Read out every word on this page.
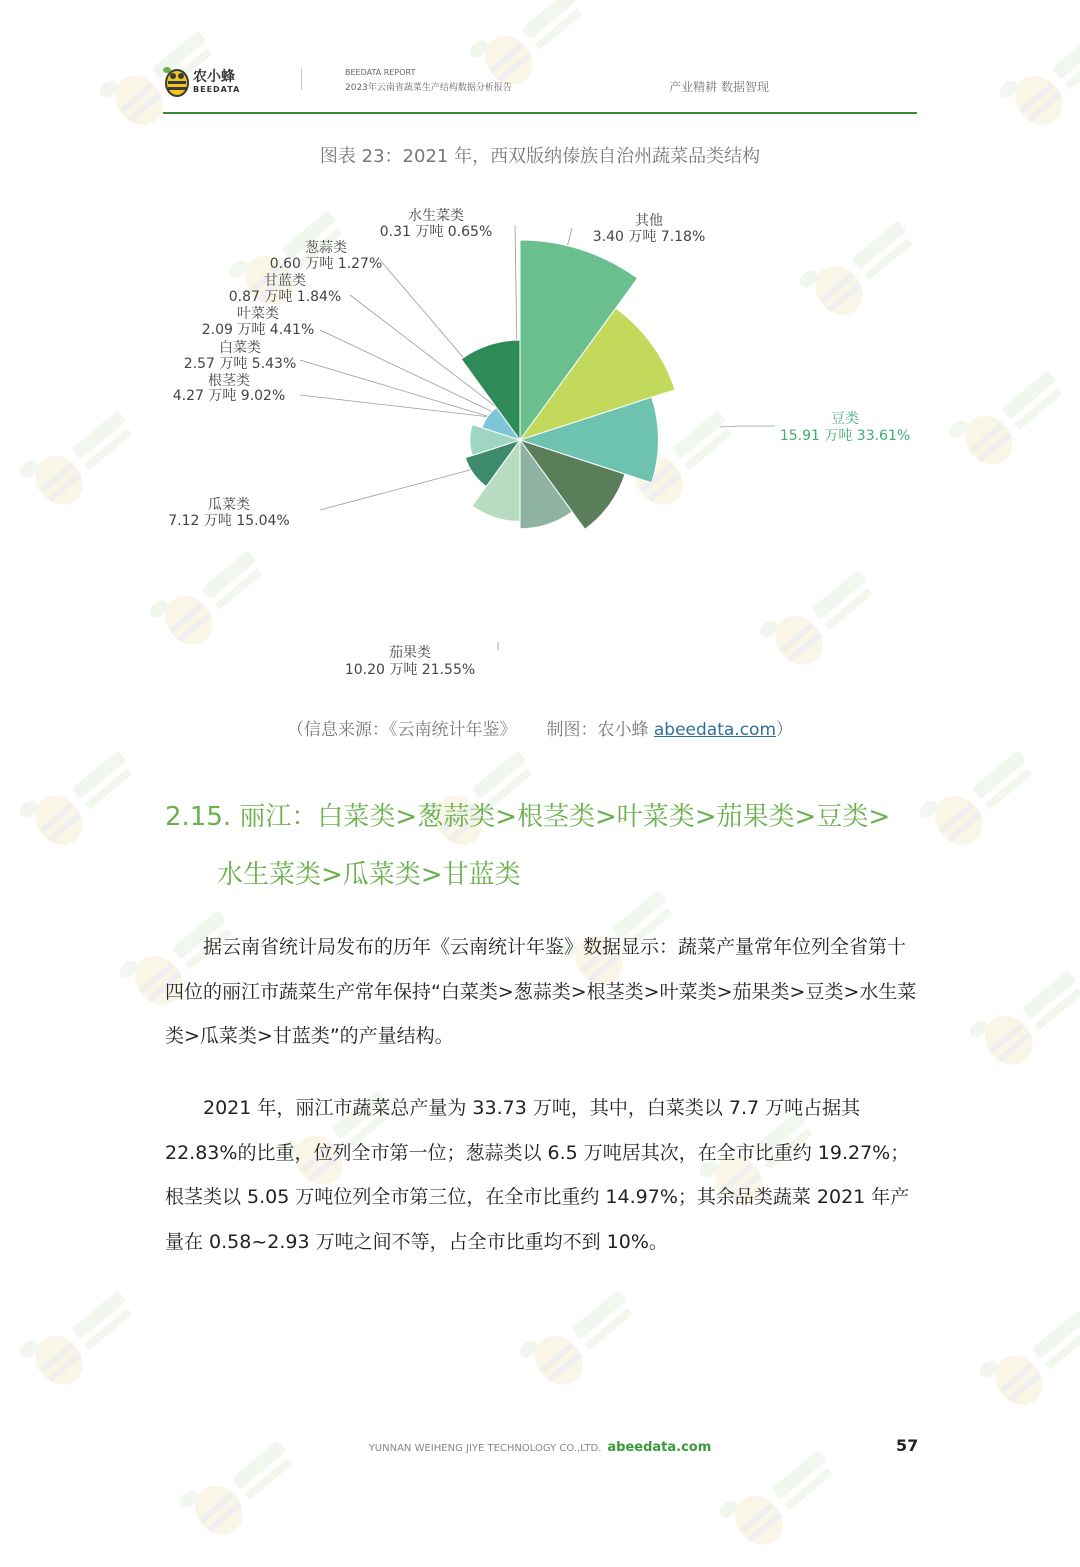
农小蜂
BEEDATA
BEEDATA REPORT
2023年云南省蔬菜生产结构数据分析报告	产业精耕 数据智现
图表 23：2021 年，西双版纳傣族自治州蔬菜品类结构
豆类
15.91 万吨 33.61%
茄果类
10.20 万吨 21.55%
瓜菜类
7.12 万吨 15.04%
根茎类
4.27 万吨 9.02%
白菜类
2.57 万吨 5.43%
叶菜类
2.09 万吨 4.41%
甘蓝类
0.87 万吨 1.84%
葱蒜类
0.60 万吨 1.27%
水生菜类
0.31 万吨 0.65%
其他
3.40 万吨 7.18%
（信息来源：《云南统计年鉴》 制图：农小蜂 abeedata.com）
2.15. 丽江：白菜类>葱蒜类>根茎类>叶菜类>茄果类>豆类>
水生菜类>瓜菜类>甘蓝类

据云南省统计局发布的历年《云南统计年鉴》数据显示：蔬菜产量常年位列全省第十四位的丽江市蔬菜生产常年保持“白菜类>葱蒜类>根茎类>叶菜类>茄果类>豆类>水生菜类>瓜菜类>甘蓝类”的产量结构。

2021 年，丽江市蔬菜总产量为 33.73 万吨，其中，白菜类以 7.7 万吨占据其 22.83%的比重，位列全市第一位；葱蒜类以 6.5 万吨居其次，在全市比重约 19.27%；根茎类以 5.05 万吨位列全市第三位，在全市比重约 14.97%；其余品类蔬菜 2021 年产量在 0.58~2.93 万吨之间不等，占全市比重均不到 10%。

YUNNAN WEIHENG JIYE TECHNOLOGY CO.,LTD. abeedata.com	57
